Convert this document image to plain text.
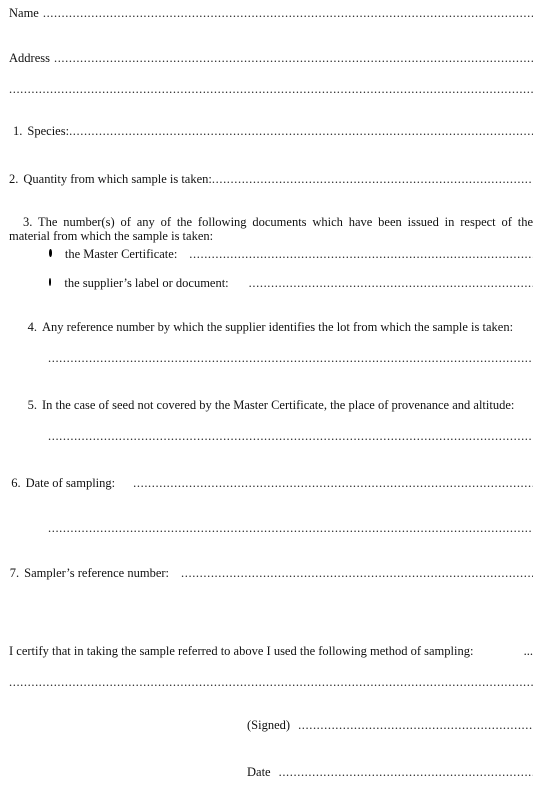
Name
.....
Address
.....
.....
1. Species:
.....
2. Quantity from which sample is taken:
.....
3. The number(s) of any of the following documents which have been issued in respect of the material from which the sample is taken:
the Master Certificate:
.....
the supplier’s label or document:
.....
4. Any reference number by which the supplier identifies the lot from which the sample is taken:
.....
5. In the case of seed not covered by the Master Certificate, the place of provenance and altitude:
.....
6. Date of sampling:
.....
.....
7. Sampler’s reference number:
.....
I certify that in taking the sample referred to above I used the following method of sampling:	...
.....
(Signed)
.....
Date
.....
